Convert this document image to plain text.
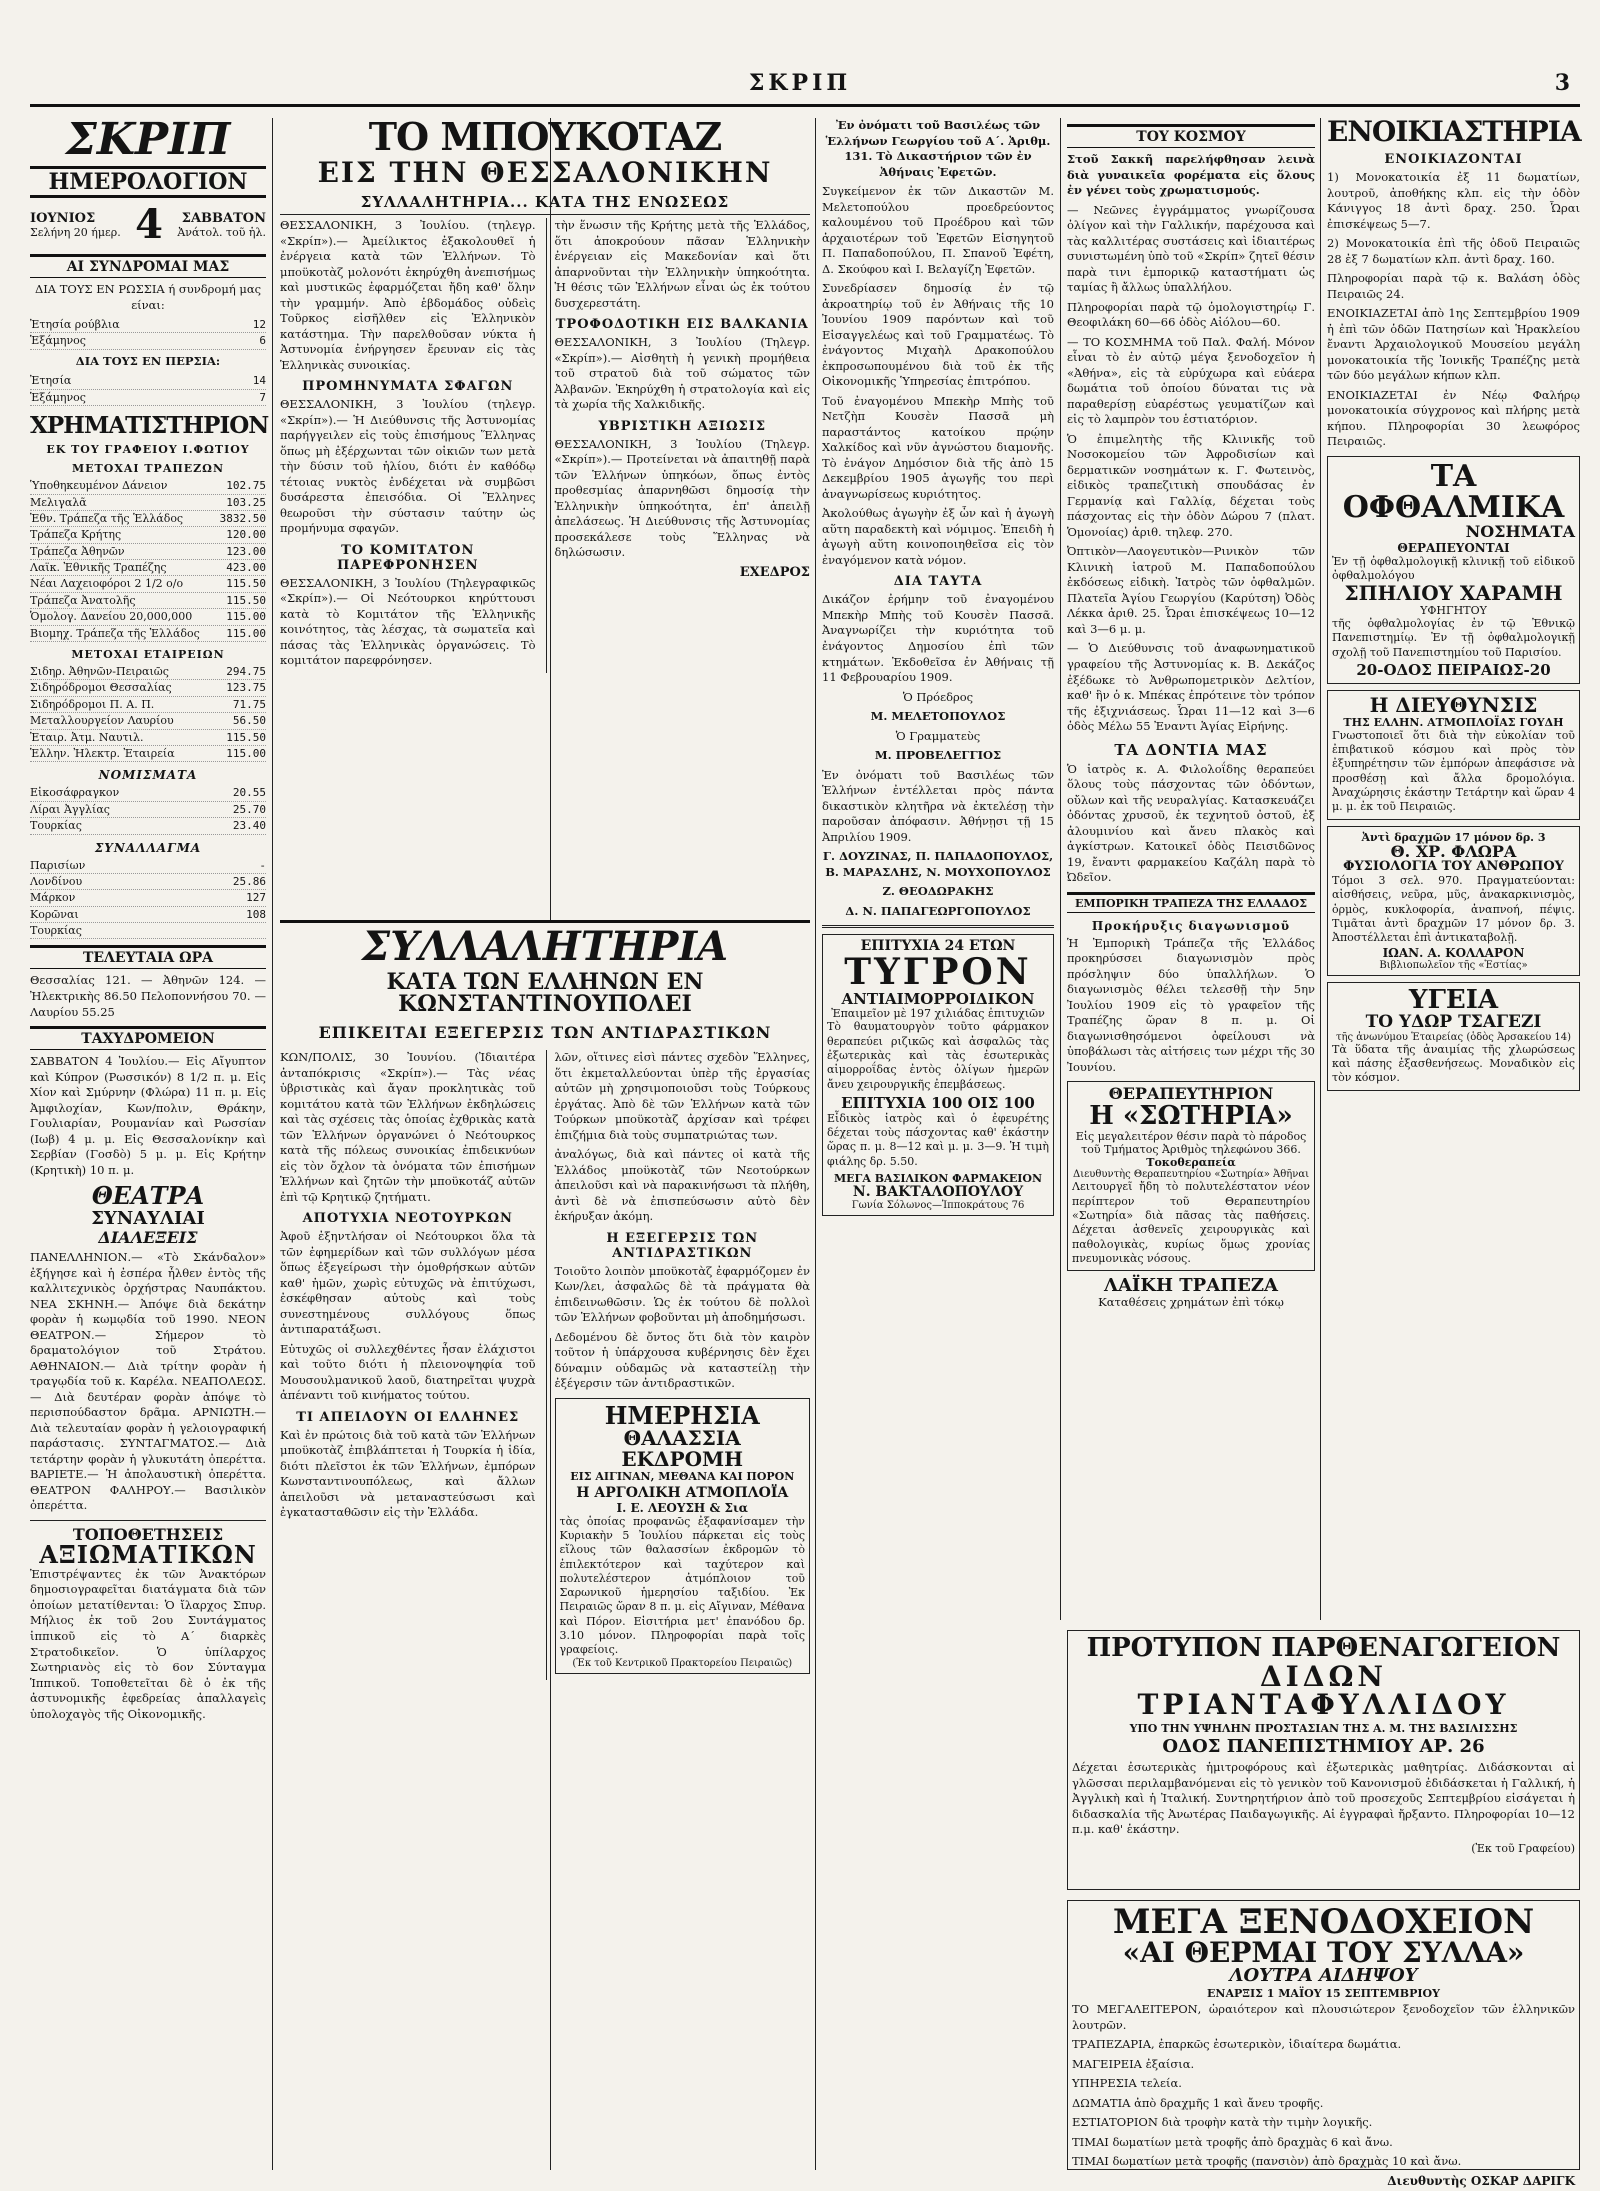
ΣΚΡΙΠ	3
ΣΚΡΙΠ
ΗΜΕΡΟΛΟΓΙΟΝ
ΙΟΥΝΙΟΣ
Σελήνη 20 ήμερ. 4	ΣΑΒΒΑΤΟΝ
Ἀνάτολ. τοῦ ἡλ.
ΑΙ ΣΥΝΔΡΟΜΑΙ ΜΑΣ
ΔΙΑ ΤΟΥΣ ΕΝ ΡΩΣΣΙΑ ή συνδρομή μας είναι:
Ἐτησία ρούβλια	12
Ἑξάμηνος	6
ΔΙΑ ΤΟΥΣ ΕΝ ΠΕΡΣΙΑ:
Ἐτησία	14
Ἑξάμηνος	7
ΧΡΗΜΑΤΙΣΤΗΡΙΟΝ
ΕΚ ΤΟΥ ΓΡΑΦΕΙΟΥ Ι.ΦΩΤΙΟΥ
ΜΕΤΟΧΑΙ ΤΡΑΠΕΖΩΝ
Ὑποθηκευμένον Δάνειον	102.75
Μελιγαλᾶ	103.25
Ἐθν. Τράπεζα τῆς Ἑλλάδος	3832.50
Τράπεζα Κρήτης	120.00
Τράπεζα Ἀθηνῶν	123.00
Λαϊκ. Ἐθνικῆς Τραπέζης	423.00
Νέαι Λαχειοφόροι 2 1/2 ο/ο	115.50
Τράπεζα Ἀνατολῆς	115.50
Ὁμολογ. Δανείου 20,000,000	115.00
Βιομηχ. Τράπεζα τῆς Ἑλλάδος 115.00
ΜΕΤΟΧΑΙ ΕΤΑΙΡΕΙΩΝ
Σιδηρ. Ἀθηνῶν-Πειραιῶς	294.75
Σιδηρόδρομοι Θεσσαλίας	123.75
Σιδηρόδρομοι Π. Α. Π.	71.75
Μεταλλουργείον Λαυρίου	56.50
Ἐταιρ. Ἀτμ. Ναυτιλ.	115.50
Ἑλλην. Ἠλεκτρ. Ἐταιρεία	115.00
ΝΟΜΙΣΜΑΤΑ
Εἰκοσάφραγκον	20.55
Λίραι Ἀγγλίας	25.70
Τουρκίας	23.40
ΣΥΝΑΛΛΑΓΜΑ
Παρισίων	-
Λονδίνου	25.86
Μάρκον	127
Κορῶναι	108
Τουρκίας
ΤΕΛΕΥΤΑΙΑ ΩΡΑ
Θεσσαλίας 121. — Ἀθηνῶν 124. — Ἠλεκτρικὴς 86.50 Πελοποννήσου 70. — Λαυρίου 55.25
ΤΑΧΥΔΡΟΜΕΙΟΝ
ΣΑΒΒΑΤΟΝ 4 Ἰουλίου.— Εἰς Αἴγυπτον καὶ Κύπρον (Ρωσσικόν) 8 1/2 π. μ. Εἰς Χίον καὶ Σμύρνην (Φλώρα) 11 π. μ. Εἰς Ἀμφιλοχίαν, Κων/πολιν, Θράκην, Γουλιαρίαν, Ρουμανίαν καὶ Ρωσσίαν (Ιωβ) 4 μ. μ. Εἰς Θεσσαλονίκην καὶ Σερβίαν (Γοσδὸ) 5 μ. μ. Εἰς Κρήτην (Κρητικὴ) 10 π. μ.
ΘΕΑΤΡΑ
ΣΥΝΑΥΛΙΑΙ
ΔΙΑΛΕΞΕΙΣ
ΠΑΝΕΛΛΗΝΙΟΝ.— «Τὸ Σκάνδαλον» ἐξήγησε καὶ ἡ ἐσπέρα ἦλθεν ἐντὸς τῆς καλλιτεχνικὸς ὀρχήστρας Ναυπάκτου. ΝΕΑ ΣΚΗΝΗ.— Ἀπόψε διὰ δεκάτην φορὰν ἡ κωμῳδία τοῦ 1990. ΝΕΟΝ ΘΕΑΤΡΟΝ.— Σήμερον τὸ δραματολόγιον τοῦ Στράτου. ΑΘΗΝΑΙΟΝ.— Διὰ τρίτην φορὰν ἡ τραγῳδία τοῦ κ. Καρέλα. ΝΕΑΠΟΛΕΩΣ.— Διὰ δευτέραν φορὰν ἀπόψε τὸ περισπούδαστον δρᾶμα. ΑΡΝΙΩΤΗ.— Διὰ τελευταίαν φορὰν ἡ γελοιογραφική παράστασις. ΣΥΝΤΑΓΜΑΤΟΣ.— Διὰ τετάρτην φορὰν ἡ γλυκυτάτη ὀπερέττα. ΒΑΡΙΕΤΕ.— Ἡ ἀπολαυστικὴ ὀπερέττα. ΘΕΑΤΡΟΝ ΦΑΛΗΡΟΥ.— Βασιλικὸν ὀπερέττα.
ΤΟΠΟΘΕΤΗΣΕΙΣ
ΑΞΙΩΜΑΤΙΚΩΝ
Ἐπιστρέψαντες ἐκ τῶν Ἀνακτόρων δημοσιογραφεῖται διατάγματα διὰ τῶν ὁποίων μετατίθενται: Ὁ ἴλαρχος Σπυρ. Μήλιος ἐκ τοῦ 2ου Συντάγματος ἱππικοῦ εἰς τὸ Α΄ διαρκὲς Στρατοδικεῖον. Ὁ ὑπίλαρχος Σωτηριανὸς εἰς τὸ 6ον Σύνταγμα Ἱππικοῦ. Τοποθετεῖται δὲ ὁ ἐκ τῆς ἀστυνομικῆς ἐφεδρείας ἀπαλλαγεὶς ὑπολοχαγὸς τῆς Οἰκονομικῆς.
ΤΟ ΜΠΟΥΚΟΤΑΖ
ΕΙΣ ΤΗΝ ΘΕΣΣΑΛΟΝΙΚΗΝ
ΣΥΛΛΑΛΗΤΗΡΙΑ... ΚΑΤΑ ΤΗΣ ΕΝΩΣΕΩΣ

ΘΕΣΣΑΛΟΝΙΚΗ, 3 Ἰουλίου. (τηλεγρ. «Σκρίπ»).— Ἀμείλικτος ἐξακολουθεῖ ἡ ἐνέργεια κατὰ τῶν Ἑλλήνων. Τὸ μποϋκοτὰζ μολονότι ἐκηρύχθη ἀνεπισήμως καὶ μυστικῶς ἐφαρμόζεται ἤδη καθ' ὅλην τὴν γραμμήν. Ἀπὸ ἑβδομάδος οὐδεὶς Τοῦρκος εἰσῆλθεν εἰς Ἑλληνικὸν κατάστημα. Τὴν παρελθοῦσαν νύκτα ἡ Ἀστυνομία ἐνήργησεν ἔρευναν εἰς τὰς Ἑλληνικὰς συνοικίας.

ΠΡΟΜΗΝΥΜΑΤΑ ΣΦΑΓΩΝ

ΘΕΣΣΑΛΟΝΙΚΗ, 3 Ἰουλίου (τηλεγρ. «Σκρίπ»).— Ἡ Διεύθυνσις τῆς Ἀστυνομίας παρήγγειλεν εἰς τοὺς ἐπισήμους Ἕλληνας ὅπως μὴ ἐξέρχωνται τῶν οἰκιῶν των μετὰ τὴν δύσιν τοῦ ἡλίου, διότι ἐν καθόδῳ τέτοιας νυκτὸς ἐνδέχεται νὰ συμβῶσι δυσάρεστα ἐπεισόδια. Οἱ Ἕλληνες θεωροῦσι τὴν σύστασιν ταύτην ὡς προμήνυμα σφαγῶν.

ΤΟ ΚΟΜΙΤΑΤΟΝ ΠΑΡΕΦΡΟΝΗΣΕΝ

ΘΕΣΣΑΛΟΝΙΚΗ, 3 Ἰουλίου (Τηλεγραφικῶς «Σκρίπ»).— Οἱ Νεότουρκοι κηρύττουσι κατὰ τὸ Κομιτάτον τῆς Ἑλληνικῆς κοινότητος, τὰς λέσχας, τὰ σωματεῖα καὶ πάσας τὰς Ἑλληνικὰς ὀργανώσεις. Τὸ κομιτάτον παρεφρόνησεν.

τὴν ἕνωσιν τῆς Κρήτης μετὰ τῆς Ἑλλάδος, ὅτι ἀποκρούουν πᾶσαν Ἑλληνικὴν ἐνέργειαν εἰς Μακεδονίαν καὶ ὅτι ἀπαρνοῦνται τὴν Ἑλληνικὴν ὑπηκοότητα. Ἡ θέσις τῶν Ἑλλήνων εἶναι ὡς ἐκ τούτου δυσχερεστάτη.

ΤΡΟΦΟΔΟΤΙΚΗ ΕΙΣ ΒΑΛΚΑΝΙΑ

ΘΕΣΣΑΛΟΝΙΚΗ, 3 Ἰουλίου (Τηλεγρ. «Σκρίπ»).— Αἰσθητὴ ἡ γενικὴ προμήθεια τοῦ στρατοῦ διὰ τοῦ σώματος τῶν Ἀλβανῶν. Ἐκηρύχθη ἡ στρατολογία καὶ εἰς τὰ χωρία τῆς Χαλκιδικῆς.

ΥΒΡΙΣΤΙΚΗ ΑΞΙΩΣΙΣ

ΘΕΣΣΑΛΟΝΙΚΗ, 3 Ἰουλίου (Τηλεγρ. «Σκρίπ»).— Προτείνεται νὰ ἀπαιτηθῇ παρὰ τῶν Ἑλλήνων ὑπηκόων, ὅπως ἐντὸς προθεσμίας ἀπαρνηθῶσι δημοσίᾳ τὴν Ἑλληνικὴν ὑπηκοότητα, ἐπ' ἀπειλῇ ἀπελάσεως. Ἡ Διεύθυνσις τῆς Ἀστυνομίας προσεκάλεσε τοὺς Ἕλληνας νὰ δηλώσωσιν.

ΕΧΕΔΡΟΣ
ΣΥΛΛΑΛΗΤΗΡΙΑ
ΚΑΤΑ ΤΩΝ ΕΛΛΗΝΩΝ ΕΝ ΚΩΝΣΤΑΝΤΙΝΟΥΠΟΛΕΙ
ΕΠΙΚΕΙΤΑΙ ΕΞΕΓΕΡΣΙΣ ΤΩΝ ΑΝΤΙΔΡΑΣΤΙΚΩΝ

ΚΩΝ/ΠΟΛΙΣ, 30 Ἰουνίου. (Ἰδιαιτέρα ἀνταπόκρισις «Σκρίπ»).— Τὰς νέας ὑβριστικὰς καὶ ἄγαν προκλητικὰς τοῦ κομιτάτου κατὰ τῶν Ἑλλήνων ἐκδηλώσεις καὶ τὰς σχέσεις τὰς ὁποίας ἐχθρικὰς κατὰ τῶν Ἑλλήνων ὀργανώνει ὁ Νεότουρκος κατὰ τῆς πόλεως συνοικίας ἐπιδεικνύων εἰς τὸν ὄχλον τὰ ὀνόματα τῶν ἐπισήμων Ἑλλήνων καὶ ζητῶν τὴν μποϋκοτάζ αὐτῶν ἐπὶ τῷ Κρητικῷ ζητήματι.

ΑΠΟΤΥΧΙΑ ΝΕΟΤΟΥΡΚΩΝ

Ἀφοῦ ἐξηντλήσαν οἱ Νεότουρκοι ὅλα τὰ τῶν ἐφημερίδων καὶ τῶν συλλόγων μέσα ὅπως ἐξεγείρωσι τὴν ὁμοθρήσκων αὐτῶν καθ' ἡμῶν, χωρὶς εὐτυχῶς νὰ ἐπιτύχωσι, ἐσκέφθησαν αὐτοὺς καὶ τοὺς συνεστημένους συλλόγους ὅπως ἀντιπαρατάξωσι.

Εὐτυχῶς οἱ συλλεχθέντες ἦσαν ἐλάχιστοι καὶ τοῦτο διότι ἡ πλειονοψηφία τοῦ Μουσουλμανικοῦ λαοῦ, διατηρεῖται ψυχρὰ ἀπέναντι τοῦ κινήματος τούτου.

ΤΙ ΑΠΕΙΛΟΥΝ ΟΙ ΕΛΛΗΝΕΣ

Καὶ ἐν πρώτοις διὰ τοῦ κατὰ τῶν Ἑλλήνων μποϋκοτὰζ ἐπιβλάπτεται ἡ Τουρκία ἡ ἰδία, διότι πλεῖστοι ἐκ τῶν Ἑλλήνων, ἐμπόρων Κωνσταντινουπόλεως, καὶ ἄλλων ἀπειλοῦσι νὰ μεταναστεύσωσι καὶ ἐγκατασταθῶσιν εἰς τὴν Ἑλλάδα.

λῶν, οἵτινες εἰσὶ πάντες σχεδὸν Ἕλληνες, ὅτι ἐκμεταλλεύονται ὑπὲρ τῆς ἐργασίας αὐτῶν μὴ χρησιμοποιοῦσι τοὺς Τούρκους ἐργάτας. Ἀπὸ δὲ τῶν Ἑλλήνων κατὰ τῶν Τούρκων μποϋκοτὰζ ἀρχίσαν καὶ τρέφει ἐπιζήμια διὰ τοὺς συμπατριώτας των.

ἀναλόγως, διὰ καὶ πάντες οἱ κατὰ τῆς Ἑλλάδος μποϋκοτὰζ τῶν Νεοτούρκων ἀπειλοῦσι καὶ νὰ παρακινήσωσι τὰ πλήθη, ἀντὶ δὲ νὰ ἐπισπεύσωσιν αὐτὸ δὲν ἐκήρυξαν ἀκόμη.

Η ΕΞΕΓΕΡΣΙΣ ΤΩΝ ΑΝΤΙΔΡΑΣΤΙΚΩΝ

Τοιοῦτο λοιπὸν μποϋκοτὰζ ἐφαρμόζομεν ἐν Κων/λει, ἀσφαλῶς δὲ τὰ πράγματα θὰ ἐπιδεινωθῶσιν. Ὡς ἐκ τούτου δὲ πολλοὶ τῶν Ἑλλήνων φοβοῦνται μὴ ἀποδημήσωσι.

Δεδομένου δὲ ὄντος ὅτι διὰ τὸν καιρὸν τοῦτον ἡ ὑπάρχουσα κυβέρνησις δὲν ἔχει δύναμιν οὐδαμῶς νὰ καταστείλῃ τὴν ἐξέγερσιν τῶν ἀντιδραστικῶν.

ΗΜΕΡΗΣΙΑ
ΘΑΛΑΣΣΙΑ ΕΚΔΡΟΜΗ
ΕΙΣ ΑΙΓΙΝΑΝ, ΜΕΘΑΝΑ ΚΑΙ ΠΟΡΟΝ
Η ΑΡΓΟΛΙΚΗ ΑΤΜΟΠΛΟΪΑ
Ι. Ε. ΛΕΟΥΣΗ & Σια
τὰς ὁποίας προφανῶς ἐξαφανίσαμεν τὴν Κυριακὴν 5 Ἰουλίου πάρκεται εἰς τοὺς εἴλους τῶν θαλασσίων ἐκδρομῶν τὸ ἐπιλεκτότερον καὶ ταχύτερον καὶ πολυτελέστερον ἀτμόπλοιον τοῦ Σαρωνικοῦ ἡμερησίου ταξιδίου. Ἐκ Πειραιῶς ὥραν 8 π. μ. εἰς Αἴγιναν, Μέθανα καὶ Πόρον. Εἰσιτήρια μετ' ἐπανόδου δρ. 3.10 μόνον. Πληροφορίαι παρὰ τοῖς γραφείοις.
(Ἐκ τοῦ Κεντρικοῦ Πρακτορείου Πειραιῶς)

Ἐν ὀνόματι τοῦ Βασιλέως τῶν Ἑλλήνων Γεωργίου τοῦ Α΄. Ἀριθμ. 131. Τὸ Δικαστήριον τῶν ἐν Ἀθήναις Ἐφετῶν.

Συγκείμενον ἐκ τῶν Δικαστῶν Μ. Μελετοπούλου προεδρεύοντος καλουμένου τοῦ Προέδρου καὶ τῶν ἀρχαιοτέρων τοῦ Ἐφετῶν Εἰσηγητοῦ Π. Παπαδοπούλου, Π. Σπανοῦ Ἐφέτη, Δ. Σκούφου καὶ Ι. Βελαγίζη Ἐφετῶν.

Συνεδρίασεν δημοσίᾳ ἐν τῷ ἀκροατηρίῳ τοῦ ἐν Ἀθήναις τῆς 10 Ἰουνίου 1909 παρόντων καὶ τοῦ Εἰσαγγελέως καὶ τοῦ Γραμματέως. Τὸ ἐνάγοντος Μιχαὴλ Δρακοπούλου ἐκπροσωπουμένου διὰ τοῦ ἐκ τῆς Οἰκονομικῆς Ὑπηρεσίας ἐπιτρόπου.

Τοῦ ἐναγομένου Μπεκὴρ Μπὴς τοῦ Νετζὴπ Κουσὲν Πασσᾶ μὴ παραστάντος κατοίκου πρῴην Χαλκίδος καὶ νῦν ἀγνώστου διαμονῆς. Τὸ ἐνάγον Δημόσιον διὰ τῆς ἀπὸ 15 Δεκεμβρίου 1905 ἀγωγῆς του περὶ ἀναγνωρίσεως κυριότητος.

Ἀκολούθως ἀγωγὴν ἐξ ὧν καὶ ἡ ἀγωγὴ αὕτη παραδεκτὴ καὶ νόμιμος. Ἐπειδὴ ἡ ἀγωγὴ αὕτη κοινοποιηθεῖσα εἰς τὸν ἐναγόμενον κατὰ νόμον.

ΔΙΑ ΤΑΥΤΑ

Δικάζον ἐρήμην τοῦ ἐναγομένου Μπεκὴρ Μπὴς τοῦ Κουσὲν Πασσᾶ. Ἀναγνωρίζει τὴν κυριότητα τοῦ ἐνάγοντος Δημοσίου ἐπὶ τῶν κτημάτων. Ἐκδοθεῖσα ἐν Ἀθήναις τῇ 11 Φεβρουαρίου 1909.

Ὁ Πρόεδρος
Μ. ΜΕΛΕΤΟΠΟΥΛΟΣ
Ὁ Γραμματεὺς
Μ. ΠΡΟΒΕΛΕΓΓΙΟΣ

Ἐν ὀνόματι τοῦ Βασιλέως τῶν Ἑλλήνων ἐντέλλεται πρὸς πάντα δικαστικὸν κλητῆρα νὰ ἐκτελέσῃ τὴν παροῦσαν ἀπόφασιν. Ἀθήνῃσι τῇ 15 Ἀπριλίου 1909.

Γ. ΔΟΥΖΙΝΑΣ, Π. ΠΑΠΑΔΟΠΟΥΛΟΣ, Β. ΜΑΡΑΣΛΗΣ, Ν. ΜΟΥΧΟΠΟΥΛΟΣ
Ζ. ΘΕΟΔΩΡΑΚΗΣ
Δ. Ν. ΠΑΠΑΓΕΩΡΓΟΠΟΥΛΟΣ
ΕΠΙΤΥΧΙΑ 24 ΕΤΩΝ
ΤΥΓΡΟΝ
ΑΝΤΙΑΙΜΟΡΡΟΙΔΙΚΟΝ
Ἐπαιμεῖον μὲ 197 χιλιάδας ἐπιτυχιῶν
Τὸ θαυματουργὸν τοῦτο φάρμακον θεραπεύει ριζικῶς καὶ ἀσφαλῶς τὰς ἐξωτερικὰς καὶ τὰς ἐσωτερικὰς αἱμορροΐδας ἐντὸς ὀλίγων ἡμερῶν ἄνευ χειρουργικῆς ἐπεμβάσεως.
ΕΠΙΤΥΧΙΑ 100 ΟΙΣ 100
Εἶδικὸς ἰατρὸς καὶ ὁ ἐφευρέτης δέχεται τοὺς πάσχοντας καθ' ἑκάστην ὥρας π. μ. 8—12 καὶ μ. μ. 3—9. Ἡ τιμὴ φιάλης δρ. 5.50.
ΜΕΓΑ ΒΑΣΙΛΙΚΟΝ ΦΑΡΜΑΚΕΙΟΝ
Ν. ΒΑΚΤΑΛΟΠΟΥΛΟΥ
Γωνία Σόλωνος—Ἱπποκράτους 76
ΤΟΥ ΚΟΣΜΟΥ

Στοῦ Σακκῆ παρελήφθησαν λεινὰ διὰ γυναικεῖα φορέματα εἰς ὅλους ἐν γένει τοὺς χρωματισμούς.

— Νεῶνες ἐγγράμματος γνωρίζουσα ὀλίγον καὶ τὴν Γαλλικήν, παρέχουσα καὶ τὰς καλλιτέρας συστάσεις καὶ ἰδιαιτέρως συνιστωμένη ὑπὸ τοῦ «Σκρίπ» ζητεῖ θέσιν παρὰ τινι ἐμπορικῷ καταστήματι ὡς ταμίας ἢ ἄλλως ὑπαλλήλου.

Πληροφορίαι παρὰ τῷ ὁμολογιστηρίῳ Γ. Θεοφιλάκη 60—66 ὁδὸς Αἰόλου—60.

— ΤΟ ΚΟΣΜΗΜΑ τοῦ Παλ. Φαλή. Μόνον εἶναι τὸ ἐν αὐτῷ μέγα ξενοδοχεῖον ἡ «Ἀθήνα», εἰς τὰ εὐρύχωρα καὶ εὐάερα δωμάτια τοῦ ὁποίου δύναται τις νὰ παραθερίσῃ εὐαρέστως γευματίζων καὶ εἰς τὸ λαμπρὸν του ἑστιατόριον.

Ὁ ἐπιμελητὴς τῆς Κλινικῆς τοῦ Νοσοκομείου τῶν Ἀφροδισίων καὶ δερματικῶν νοσημάτων κ. Γ. Φωτεινὸς, εἰδικὸς τραπεζιτικὴ σπουδάσας ἐν Γερμανίᾳ καὶ Γαλλίᾳ, δέχεται τοὺς πάσχοντας εἰς τὴν ὁδὸν Δώρου 7 (πλατ. Ὁμονοίας) ἀριθ. τηλεφ. 270.

Ὀπτικὸν—Λαογευτικὸν—Ρινικὸν τῶν Κλινικὴ ἰατροῦ Μ. Παπαδοπούλου ἐκδόσεως εἰδικὴ. Ἰατρὸς τῶν ὀφθαλμῶν. Πλατεῖα Ἀγίου Γεωργίου (Καρύτση) Ὀδὸς Λέκκα ἀριθ. 25. Ὧραι ἐπισκέψεως 10—12 καὶ 3—6 μ. μ.

— Ὁ Διεύθυνσις τοῦ ἀναφωνηματικοῦ γραφείου τῆς Ἀστυνομίας κ. Β. Δεκάζος ἐξέδωκε τὸ Ἀνθρωπομετρικὸν Δελτίον, καθ' ἣν ὁ κ. Μπέκας ἐπρότεινε τὸν τρόπον τῆς ἐξιχνιάσεως. Ὧραι 11—12 καὶ 3—6 ὁδὸς Μέλω 55 Ἐναντι Ἁγίας Εἰρήνης.

ΤΑ ΔΟΝΤΙΑ ΜΑΣ

Ὁ ἰατρὸς κ. Α. Φιλολοΐδης θεραπεύει ὅλους τοὺς πάσχοντας τῶν ὀδόντων, οὔλων καὶ τῆς νευραλγίας. Κατασκευάζει ὀδόντας χρυσοῦ, ἐκ τεχνητοῦ ὀστοῦ, ἐξ ἀλουμινίου καὶ ἄνευ πλακὸς καὶ ἀγκίστρων. Κατοικεῖ ὁδὸς Πεισιδῶνος 19, ἔναντι φαρμακείου Καζάλη παρὰ τὸ Ὠδεῖον.

ΕΜΠΟΡΙΚΗ ΤΡΑΠΕΖΑ ΤΗΣ ΕΛΛΑΔΟΣ
Προκήρυξις διαγωνισμοῦ

Ἡ Ἐμπορικὴ Τράπεζα τῆς Ἑλλάδος προκηρύσσει διαγωνισμὸν πρὸς πρόσληψιν δύο ὑπαλλήλων. Ὁ διαγωνισμὸς θέλει τελεσθῇ τὴν 5ην Ἰουλίου 1909 εἰς τὸ γραφεῖον τῆς Τραπέζης ὥραν 8 π. μ. Οἱ διαγωνισθησόμενοι ὀφείλουσι νὰ ὑποβάλωσι τὰς αἰτήσεις των μέχρι τῆς 30 Ἰουνίου.

ΘΕΡΑΠΕΥΤΗΡΙΟΝ
Η «ΣΩΤΗΡΙΑ»
Εἰς μεγαλειτέρον θέσιν παρὰ τὸ πάροδος τοῦ Τμήματος Ἀριθμὸς τηλεφώνου 366.
Τοκοθεραπεία
Διευθυντὴς Θεραπευτηρίου «Σωτηρία» Ἀθῆναι
Λειτουργεῖ ἤδη τὸ πολυτελέστατον νέον περίπτερον τοῦ Θεραπευτηρίου «Σωτηρία» διὰ πᾶσας τὰς παθήσεις. Δέχεται ἀσθενεῖς χειρουργικὰς καὶ παθολογικὰς, κυρίως ὅμως χρονίας πνευμονικὰς νόσους.
ΛΑΪΚΗ ΤΡΑΠΕΖΑ
Καταθέσεις χρημάτων ἐπὶ τόκῳ
ΕΝΟΙΚΙΑΣΤΗΡΙΑ
ΕΝΟΙΚΙΑΖΟΝΤΑΙ

1) Μονοκατοικία ἐξ 11 δωματίων, λουτροῦ, ἀποθήκης κλπ. εἰς τὴν ὁδὸν Κάνιγγος 18 ἀντὶ δραχ. 250. Ὧραι ἐπισκέψεως 5—7.

2) Μονοκατοικία ἐπὶ τῆς ὁδοῦ Πειραιῶς 28 ἐξ 7 δωματίων κλπ. ἀντὶ δραχ. 160.

Πληροφορίαι παρὰ τῷ κ. Βαλάση ὁδὸς Πειραιῶς 24.

ΕΝΟΙΚΙΑΖΕΤΑΙ ἀπὸ 1ης Σεπτεμβρίου 1909 ἡ ἐπὶ τῶν ὁδῶν Πατησίων καὶ Ἡρακλείου ἔναντι Ἀρχαιολογικοῦ Μουσείου μεγάλη μονοκατοικία τῆς Ἰονικῆς Τραπέζης μετὰ τῶν δύο μεγάλων κήπων κλπ.

ΕΝΟΙΚΙΑΖΕΤΑΙ ἐν Νέῳ Φαλήρῳ μονοκατοικία σύγχρονος καὶ πλήρης μετὰ κήπου. Πληροφορίαι 30 λεωφόρος Πειραιῶς.

ΤΑ ΟΦΘΑΛΜΙΚΑ
ΝΟΣΗΜΑΤΑ
ΘΕΡΑΠΕΥΟΝΤΑΙ
Ἐν τῇ ὀφθαλμολογικῇ κλινικῇ τοῦ εἰδικοῦ ὀφθαλμολόγου
ΣΠΗΛΙΟΥ ΧΑΡΑΜΗ
ΥΦΗΓΗΤΟΥ
τῆς ὀφθαλμολογίας ἐν τῷ Ἐθνικῷ Πανεπιστημίῳ. Ἐν τῇ ὀφθαλμολογικῇ σχολῇ τοῦ Πανεπιστημίου τοῦ Παρισίου.
20-ΟΔΟΣ ΠΕΙΡΑΙΩΣ-20
Η ΔΙΕΥΘΥΝΣΙΣ
ΤΗΣ ΕΛΛΗΝ. ΑΤΜΟΠΛΟΪΑΣ ΓΟΥΔΗ
Γνωστοποιεῖ ὅτι διὰ τὴν εὐκολίαν τοῦ ἐπιβατικοῦ κόσμου καὶ πρὸς τὸν ἐξυπηρέτησιν τῶν ἐμπόρων ἀπεφάσισε νὰ προσθέσῃ καὶ ἄλλα δρομολόγια. Ἀναχώρησις ἑκάστην Τετάρτην καὶ ὥραν 4 μ. μ. ἐκ τοῦ Πειραιῶς.
Ἀντὶ δραχμῶν 17 μόνον δρ. 3
Θ. ΧΡ. ΦΛΩΡΑ
ΦΥΣΙΟΛΟΓΙΑ ΤΟΥ ΑΝΘΡΩΠΟΥ
Τόμοι 3 σελ. 970. Πραγματεύονται: αἰσθήσεις, νεῦρα, μῦς, ἀνακαρκινισμὸς, ὁρμὸς, κυκλοφορία, ἀναπνοή, πέψις. Τιμᾶται ἀντὶ δραχμῶν 17 μόνον δρ. 3. Ἀποστέλλεται ἐπὶ ἀντικαταβολῇ.
ΙΩΑΝ. Α. ΚΟΛΛΑΡΟΝ
Βιβλιοπωλεῖον τῆς «Ἑστίας»
ΥΓΕΙΑ
ΤΟ ΥΔΩΡ ΤΣΑΓΕΖΙ
τῆς ἀνωνύμου Ἑταιρείας (ὁδὸς Ἀρσακείου 14)
Τὰ ὕδατα τῆς ἀναιμίας τῆς χλωρώσεως καὶ πάσης ἐξασθενήσεως. Μοναδικὸν εἰς τὸν κόσμον.
ΠΡΟΤΥΠΟΝ ΠΑΡΘΕΝΑΓΩΓΕΙΟΝ
ΔΙΔΩΝ ΤΡΙΑΝΤΑΦΥΛΛΙΔΟΥ
ΥΠΟ ΤΗΝ ΥΨΗΛΗΝ ΠΡΟΣΤΑΣΙΑΝ ΤΗΣ Α. Μ. ΤΗΣ ΒΑΣΙΛΙΣΣΗΣ
ΟΔΟΣ ΠΑΝΕΠΙΣΤΗΜΙΟΥ ΑΡ. 26

Δέχεται ἐσωτερικὰς ἡμιτροφόρους καὶ ἐξωτερικὰς μαθητρίας. Διδάσκονται αἱ γλῶσσαι περιλαμβανόμεναι εἰς τὸ γενικὸν τοῦ Κανονισμοῦ ἐδιδάσκεται ἡ Γαλλική, ἡ Ἀγγλικὴ καὶ ἡ Ἰταλική. Συντηρητήριον ἀπὸ τοῦ προσεχοῦς Σεπτεμβρίου εἰσάγεται ἡ διδασκαλία τῆς Ἀνωτέρας Παιδαγωγικῆς. Αἱ ἐγγραφαὶ ἤρξαντο. Πληροφορίαι 10—12 π.μ. καθ' ἑκάστην.

(Ἐκ τοῦ Γραφείου)
ΜΕΓΑ ΞΕΝΟΔΟΧΕΙΟΝ
«ΑΙ ΘΕΡΜΑΙ ΤΟΥ ΣΥΛΛΑ»
ΛΟΥΤΡΑ ΑΙΔΗΨΟΥ
ΕΝΑΡΞΙΣ 1 ΜΑΪΟΥ 15 ΣΕΠΤΕΜΒΡΙΟΥ
ΤΟ ΜΕΓΑΛΕΙΤΕΡΟΝ, ὡραιότερον καὶ πλουσιώτερον ξενοδοχεῖον τῶν ἑλληνικῶν λουτρῶν.
ΤΡΑΠΕΖΑΡΙΑ, ἐπαρκῶς ἐσωτερικὸν, ἰδιαίτερα δωμάτια.
ΜΑΓΕΙΡΕΙΑ ἐξαίσια.
ΥΠΗΡΕΣΙΑ τελεία.
ΔΩΜΑΤΙΑ ἀπὸ δραχμῆς 1 καὶ ἄνευ τροφῆς.
ΕΣΤΙΑΤΟΡΙΟΝ διὰ τροφὴν κατὰ τὴν τιμὴν λογικῆς.
ΤΙΜΑΙ δωματίων μετὰ τροφῆς ἀπὸ δραχμὰς 6 καὶ ἄνω.
ΤΙΜΑΙ δωματίων μετὰ τροφῆς (πανσιὸν) ἀπὸ δραχμὰς 10 καὶ ἄνω.
Διευθυντὴς ΟΣΚΑΡ ΔΑΡΙΓΚ
